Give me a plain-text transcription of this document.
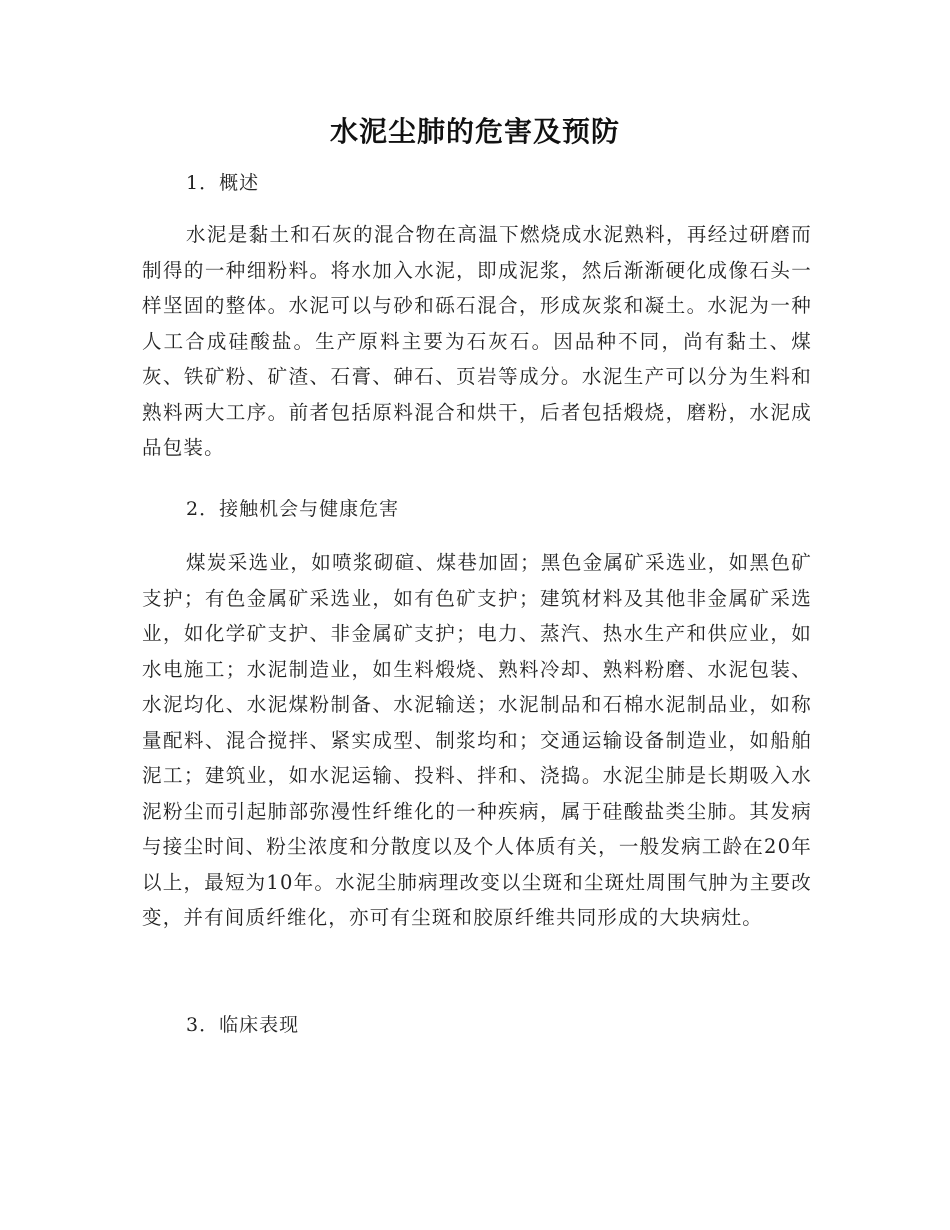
水泥尘肺的危害及预防
1．概述
水泥是黏土和石灰的混合物在高温下燃烧成水泥熟料，再经过研磨而制得的一种细粉料。将水加入水泥，即成泥浆，然后渐渐硬化成像石头一样坚固的整体。水泥可以与砂和砾石混合，形成灰浆和凝土。水泥为一种人工合成硅酸盐。生产原料主要为石灰石。因品种不同，尚有黏土、煤灰、铁矿粉、矿渣、石膏、砷石、页岩等成分。水泥生产可以分为生料和熟料两大工序。前者包括原料混合和烘干，后者包括煅烧，磨粉，水泥成品包装。
2．接触机会与健康危害
煤炭采选业，如喷浆砌碹、煤巷加固；黑色金属矿采选业，如黑色矿支护；有色金属矿采选业，如有色矿支护；建筑材料及其他非金属矿采选业，如化学矿支护、非金属矿支护；电力、蒸汽、热水生产和供应业，如水电施工；水泥制造业，如生料煅烧、熟料冷却、熟料粉磨、水泥包装、水泥均化、水泥煤粉制备、水泥输送；水泥制品和石棉水泥制品业，如称量配料、混合搅拌、紧实成型、制浆均和；交通运输设备制造业，如船舶泥工；建筑业，如水泥运输、投料、拌和、浇捣。水泥尘肺是长期吸入水泥粉尘而引起肺部弥漫性纤维化的一种疾病，属于硅酸盐类尘肺。其发病与接尘时间、粉尘浓度和分散度以及个人体质有关，一般发病工龄在20年以上，最短为10年。水泥尘肺病理改变以尘斑和尘斑灶周围气肿为主要改变，并有间质纤维化，亦可有尘斑和胶原纤维共同形成的大块病灶。
3．临床表现
